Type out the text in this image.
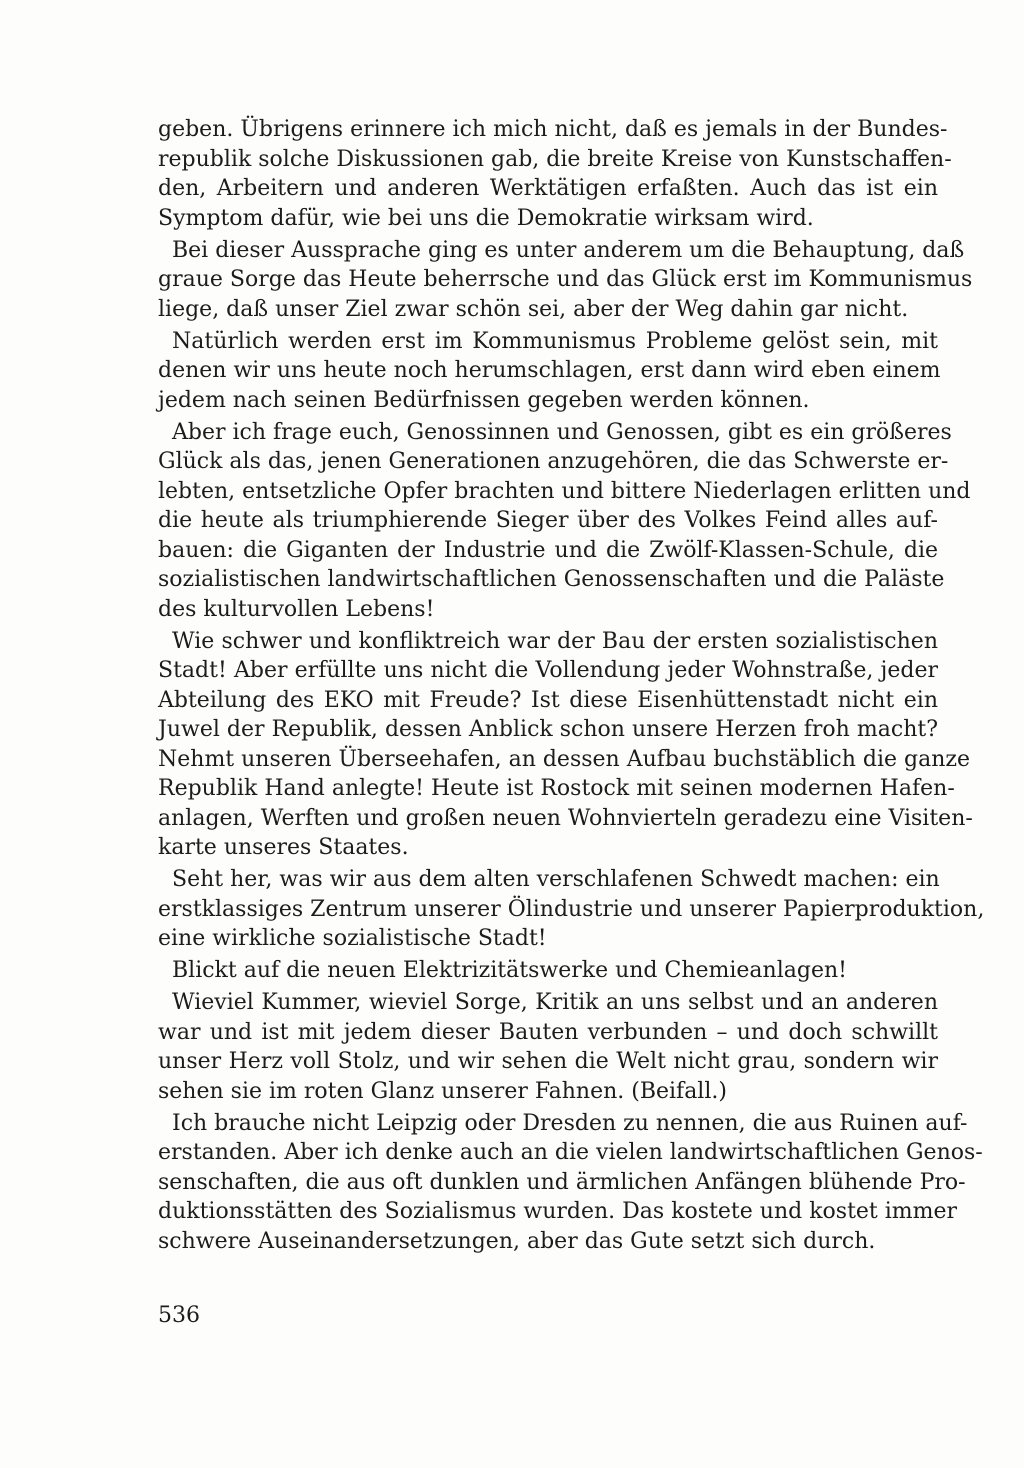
geben. Übrigens erinnere ich mich nicht, daß es jemals in der Bundes-
republik solche Diskussionen gab, die breite Kreise von Kunstschaffen-
den, Arbeitern und anderen Werktätigen erfaßten. Auch das ist ein
Symptom dafür, wie bei uns die Demokratie wirksam wird.
Bei dieser Aussprache ging es unter anderem um die Behauptung, daß
graue Sorge das Heute beherrsche und das Glück erst im Kommunismus
liege, daß unser Ziel zwar schön sei, aber der Weg dahin gar nicht.
Natürlich werden erst im Kommunismus Probleme gelöst sein, mit
denen wir uns heute noch herumschlagen, erst dann wird eben einem
jedem nach seinen Bedürfnissen gegeben werden können.
Aber ich frage euch, Genossinnen und Genossen, gibt es ein größeres
Glück als das, jenen Generationen anzugehören, die das Schwerste er-
lebten, entsetzliche Opfer brachten und bittere Niederlagen erlitten und
die heute als triumphierende Sieger über des Volkes Feind alles auf-
bauen: die Giganten der Industrie und die Zwölf-Klassen-Schule, die
sozialistischen landwirtschaftlichen Genossenschaften und die Paläste
des kulturvollen Lebens!
Wie schwer und konfliktreich war der Bau der ersten sozialistischen
Stadt! Aber erfüllte uns nicht die Vollendung jeder Wohnstraße, jeder
Abteilung des EKO mit Freude? Ist diese Eisenhüttenstadt nicht ein
Juwel der Republik, dessen Anblick schon unsere Herzen froh macht?
Nehmt unseren Überseehafen, an dessen Aufbau buchstäblich die ganze
Republik Hand anlegte! Heute ist Rostock mit seinen modernen Hafen-
anlagen, Werften und großen neuen Wohnvierteln geradezu eine Visiten-
karte unseres Staates.
Seht her, was wir aus dem alten verschlafenen Schwedt machen: ein
erstklassiges Zentrum unserer Ölindustrie und unserer Papierproduktion,
eine wirkliche sozialistische Stadt!
Blickt auf die neuen Elektrizitätswerke und Chemieanlagen!
Wieviel Kummer, wieviel Sorge, Kritik an uns selbst und an anderen
war und ist mit jedem dieser Bauten verbunden – und doch schwillt
unser Herz voll Stolz, und wir sehen die Welt nicht grau, sondern wir
sehen sie im roten Glanz unserer Fahnen. (Beifall.)
Ich brauche nicht Leipzig oder Dresden zu nennen, die aus Ruinen auf-
erstanden. Aber ich denke auch an die vielen landwirtschaftlichen Genos-
senschaften, die aus oft dunklen und ärmlichen Anfängen blühende Pro-
duktionsstätten des Sozialismus wurden. Das kostete und kostet immer
schwere Auseinandersetzungen, aber das Gute setzt sich durch.
536
